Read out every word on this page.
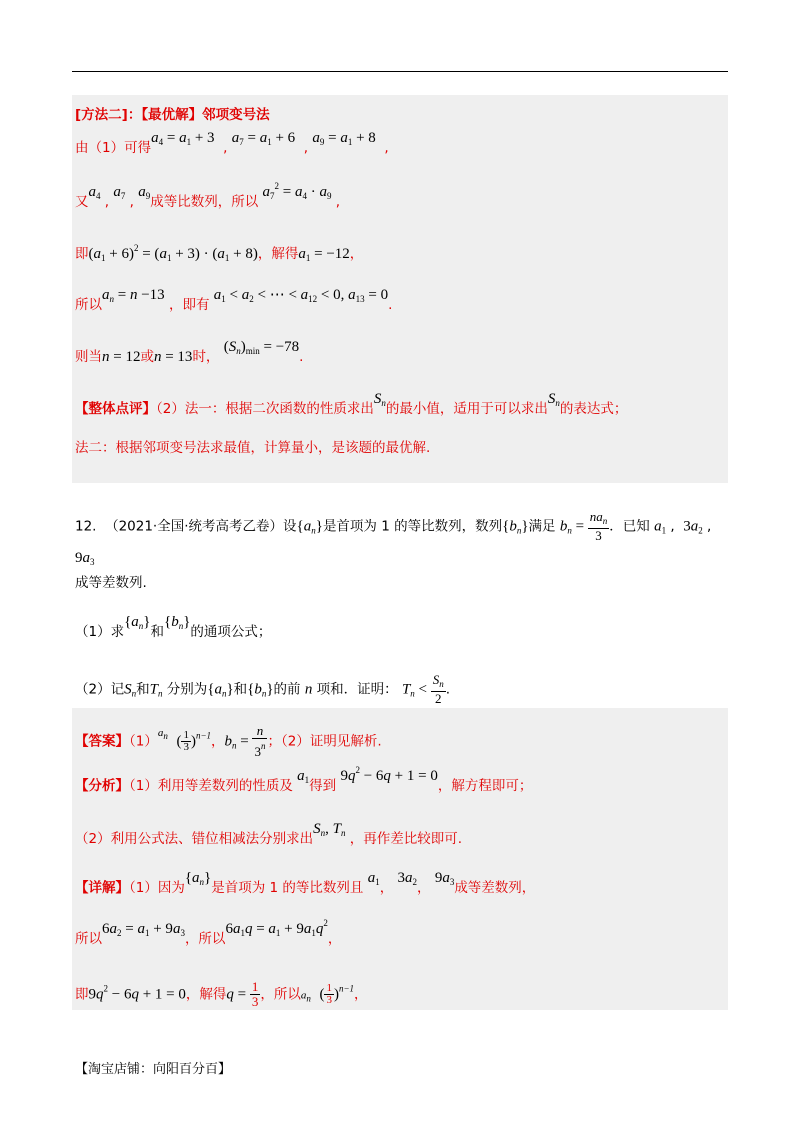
[方法二]：【最优解】邻项变号法
由（1）可得$a_4 = a_1 + 3$  , $a_7 = a_1 + 6$  , $a_9 = a_1 + 8$  ,
又$a_4$ , $a_7$ , $a_9$成等比数列，所以 $a_7^2 = a_4 \cdot a_9$ ,
即$(a_1 + 6)^2 = (a_1 + 3) \cdot (a_1 + 8)$，解得$a_1 = -12$，
所以$a_n = n -13$ ，即有 $a_1 < a_2$ < ⋯ < $a_{12} < 0$, $a_{13} = 0$.
则当n = 12或n = 13时， $(S_n)_{min} = -78$.
【整体点评】（2）法一：根据二次函数的性质求出$S_n$的最小值，适用于可以求出$S_n$的表达式；
法二：根据邻项变号法求最值，计算量小，是该题的最优解.
12. （2021·全国·统考高考乙卷）设$\{a_n\}$是首项为 1 的等比数列，数列$\{b_n\}$满足 $b_n = \frac{na_n}{3}$ ．已知 $a_1$ ,  $3a_2$ ,
$9a_3$
成等差数列.
（1）求$\{a_n\}$和$\{b_n\}$的通项公式；
（2）记$S_n$和$T_n$ 分别为$\{a_n\}$和$\{b_n\}$的前 n 项和．证明： $T_n < \frac{S_n}{2}$ .
【答案】$(1)a_n$ ( $\frac{1}{3} )^{n-1}$，$b_n = \frac{n}{3^n}$ ；（2）证明见解析.
【分析】（1）利用等差数列的性质及 $a_1$得到 $9q^2 - 6q + 1 = 0$，解方程即可；
（2）利用公式法、错位相减法分别求出$S_n$, $T_n$ ，再作差比较即可.
【详解】（1）因为$\{a_n\}$是首项为 1 的等比数列且 $a_1$， $3a_2$， $9a_3$成等差数列，
所以$6a_2 = a_1 + 9a_3$，所以$6a_1q = a_1 + 9a_1q^2$，
即$9q^2 - 6q + 1 = 0$，解得$q = \frac{1}{3}$ ，所以$a_n$ ( $\frac{1}{3} )^{n-1}$，
【淘宝店铺：向阳百分百】
